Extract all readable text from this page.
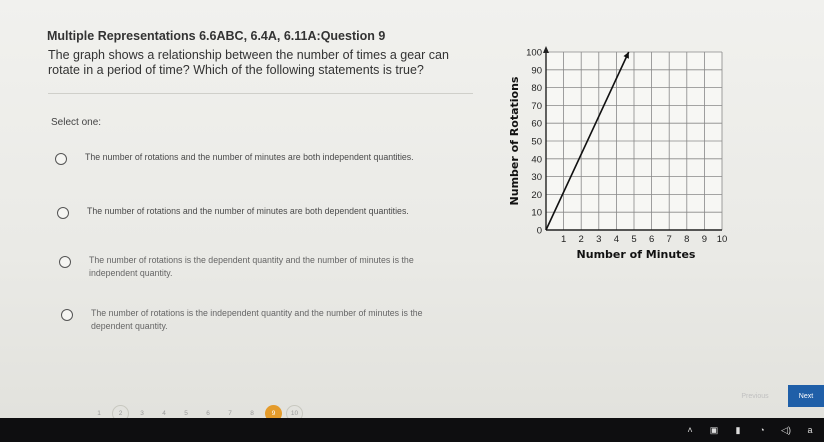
Multiple Representations 6.6ABC, 6.4A, 6.11A:Question 9
The graph shows a relationship between the number of times a gear can rotate in a period of time? Which of the following statements is true?
Select one:
The number of rotations and the number of minutes are both independent quantities.
The number of rotations and the number of minutes are both dependent quantities.
The number of rotations is the dependent quantity and the number of minutes is the independent quantity.
The number of rotations is the independent quantity and the number of minutes is the dependent quantity.
0
10
20
30
40
50
60
70
80
90
100
1 2 3 4 5 6 7 8 9 10
Number of Minutes
Number of Rotations
1	2	3	4	5	6	7	8	9	10
Previous	Next
˄	▣	▮	◔	◁)	a
